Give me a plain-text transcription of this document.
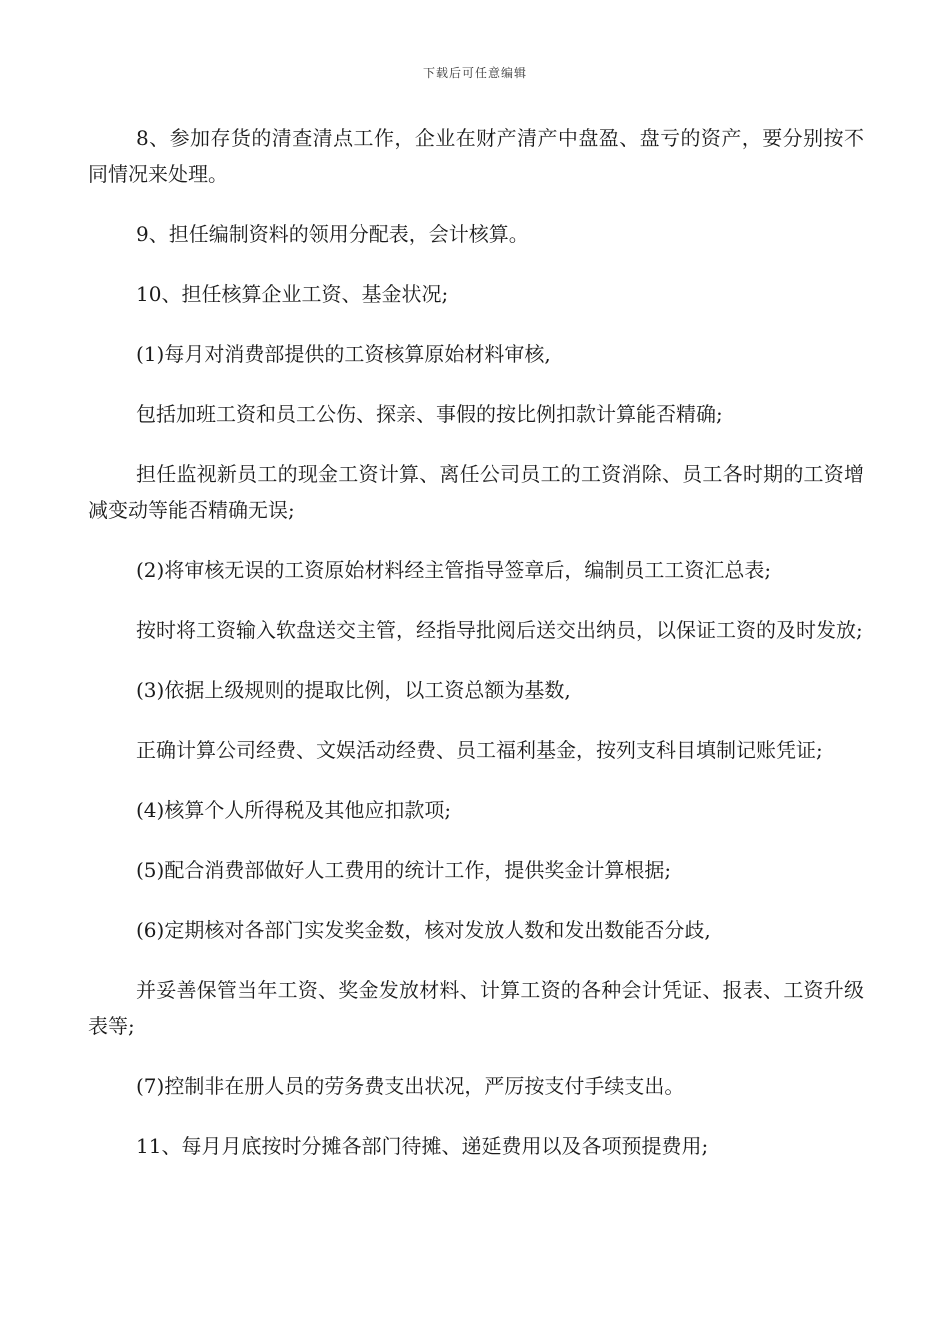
下载后可任意编辑

8、参加存货的清查清点工作，企业在财产清产中盘盈、盘亏的资产，要分别按不同情况来处理。

9、担任编制资料的领用分配表，会计核算。

10、担任核算企业工资、基金状况;

(1)每月对消费部提供的工资核算原始材料审核,

包括加班工资和员工公伤、探亲、事假的按比例扣款计算能否精确;

担任监视新员工的现金工资计算、离任公司员工的工资消除、员工各时期的工资增减变动等能否精确无误;

(2)将审核无误的工资原始材料经主管指导签章后，编制员工工资汇总表;

按时将工资输入软盘送交主管，经指导批阅后送交出纳员，以保证工资的及时发放;

(3)依据上级规则的提取比例，以工资总额为基数,

正确计算公司经费、文娱活动经费、员工福利基金，按列支科目填制记账凭证;

(4)核算个人所得税及其他应扣款项;

(5)配合消费部做好人工费用的统计工作，提供奖金计算根据;

(6)定期核对各部门实发奖金数，核对发放人数和发出数能否分歧,

并妥善保管当年工资、奖金发放材料、计算工资的各种会计凭证、报表、工资升级表等;

(7)控制非在册人员的劳务费支出状况，严厉按支付手续支出。

11、每月月底按时分摊各部门待摊、递延费用以及各项预提费用;
